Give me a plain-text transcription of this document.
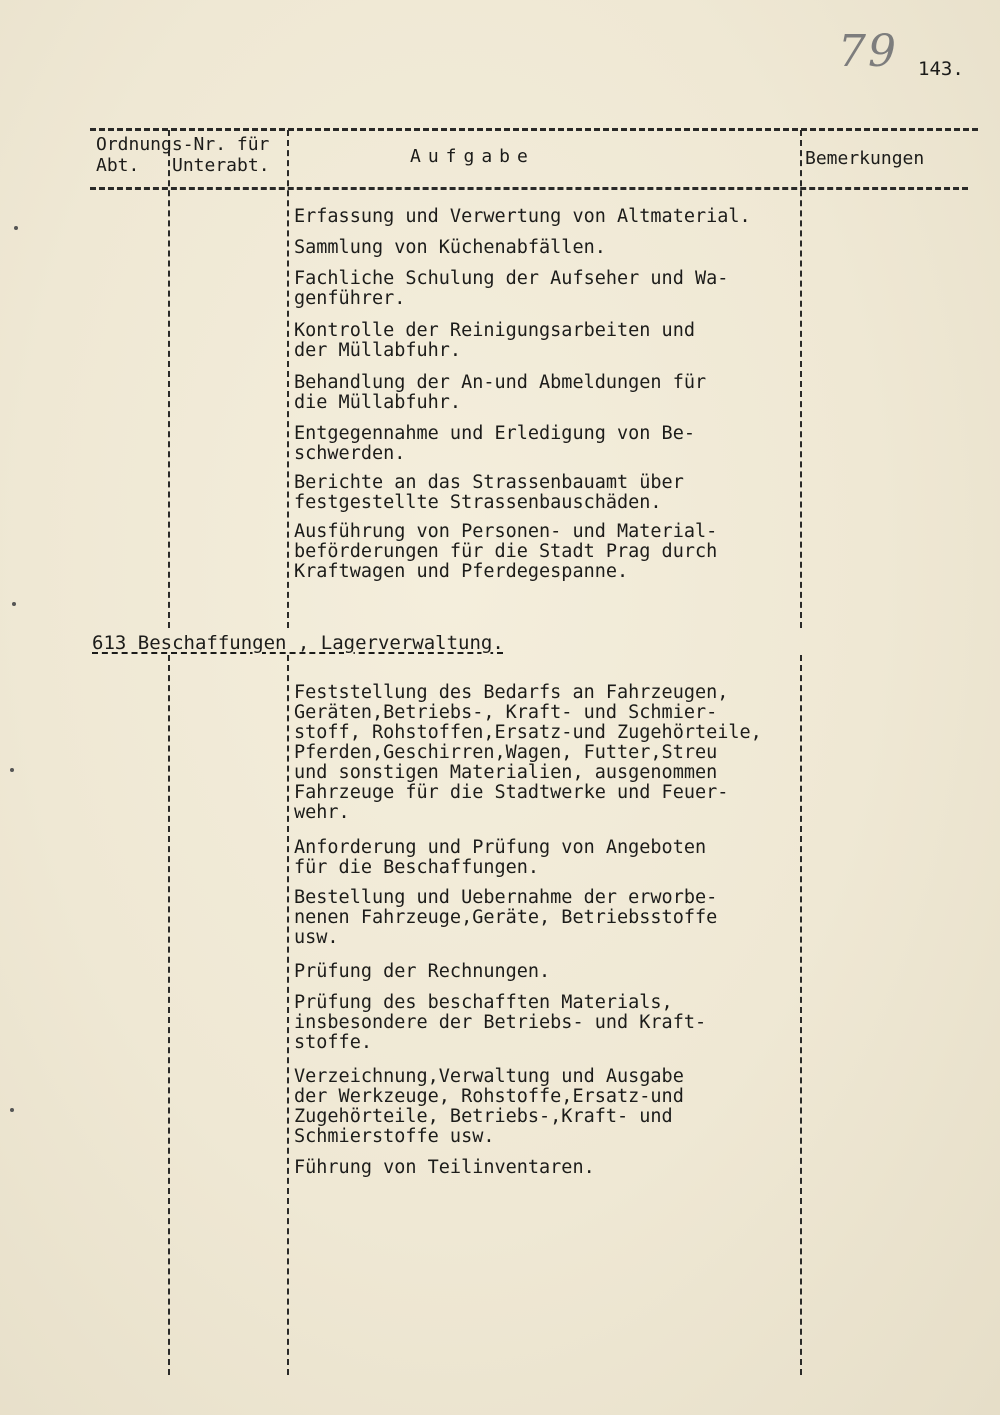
79 143.
Ordnungs-Nr. für
Abt. Unterabt.	Aufgabe	Bemerkungen
Erfassung und Verwertung von Altmaterial.
Sammlung von Küchenabfällen.
Fachliche Schulung der Aufseher und Wa-
genführer.
Kontrolle der Reinigungsarbeiten und
der Müllabfuhr.
Behandlung der An-und Abmeldungen für
die Müllabfuhr.
Entgegennahme und Erledigung von Be-
schwerden.
Berichte an das Strassenbauamt über
festgestellte Strassenbauschäden.
Ausführung von Personen- und Material-
beförderungen für die Stadt Prag durch
Kraftwagen und Pferdegespanne.
613 Beschaffungen , Lagerverwaltung.
Feststellung des Bedarfs an Fahrzeugen,
Geräten,Betriebs-, Kraft- und Schmier-
stoff, Rohstoffen,Ersatz-und Zugehörteile,
Pferden,Geschirren,Wagen, Futter,Streu
und sonstigen Materialien, ausgenommen
Fahrzeuge für die Stadtwerke und Feuer-
wehr.
Anforderung und Prüfung von Angeboten
für die Beschaffungen.
Bestellung und Uebernahme der erworbe-
nenen Fahrzeuge,Geräte, Betriebsstoffe
usw.
Prüfung der Rechnungen.
Prüfung des beschafften Materials,
insbesondere der Betriebs- und Kraft-
stoffe.
Verzeichnung,Verwaltung und Ausgabe
der Werkzeuge, Rohstoffe,Ersatz-und
Zugehörteile, Betriebs-,Kraft- und
Schmierstoffe usw.
Führung von Teilinventaren.
